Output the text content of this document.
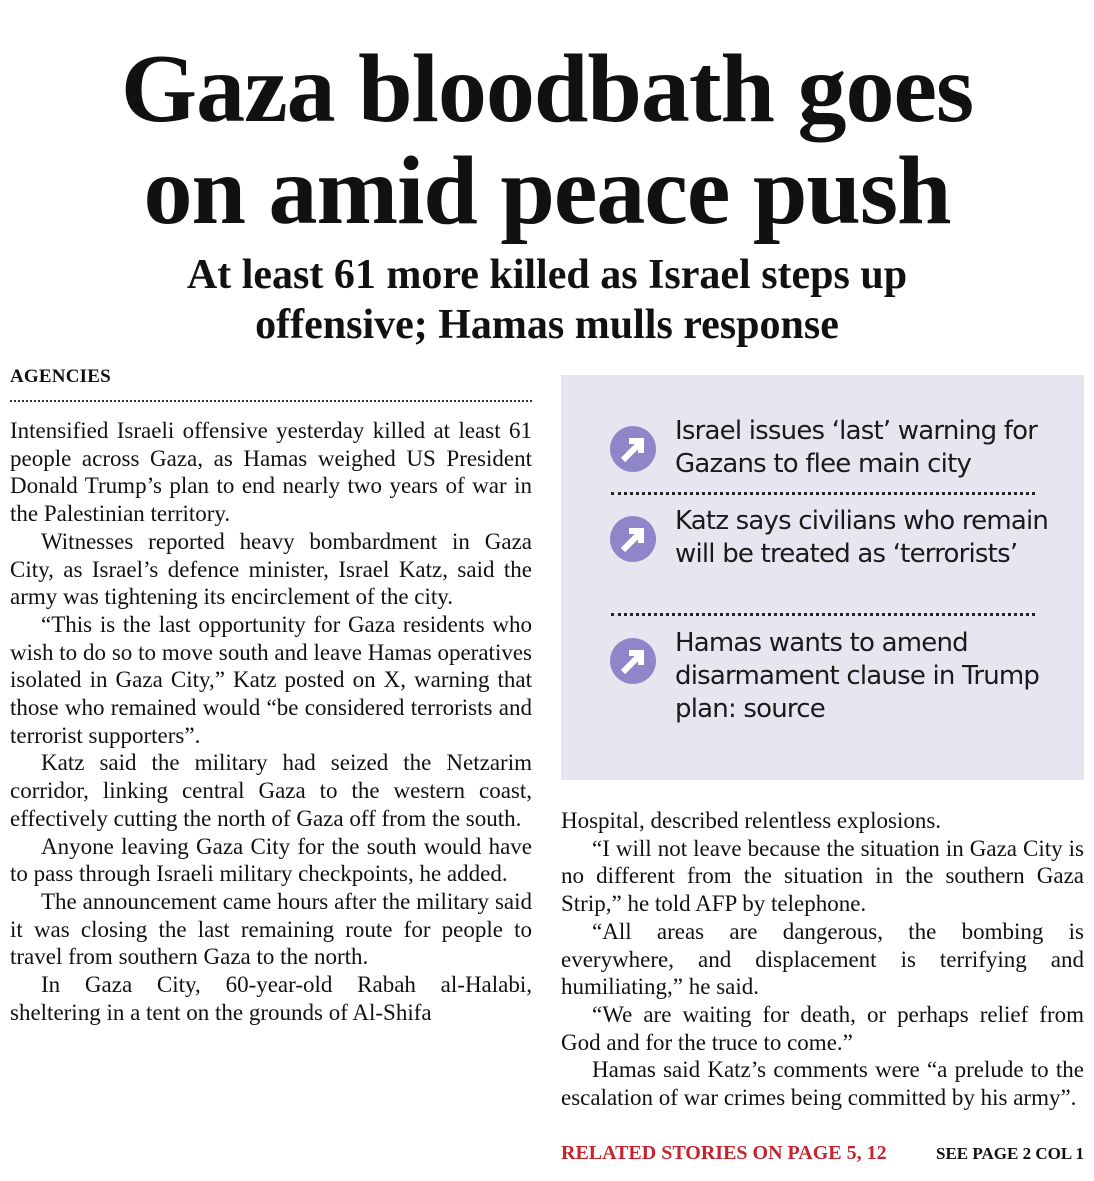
Gaza bloodbath goes
on amid peace push
At least 61 more killed as Israel steps up
offensive; Hamas mulls response
AGENCIES

Intensified Israeli offensive yesterday killed at least 61 people across Gaza, as Hamas weighed US President Donald Trump’s plan to end nearly two years of war in the Palestinian territory.

Witnesses reported heavy bombardment in Gaza City, as Israel’s defence minister, Israel Katz, said the army was tightening its encirclement of the city.

“This is the last opportunity for Gaza residents who wish to do so to move south and leave Hamas operatives isolated in Gaza City,” Katz posted on X, warning that those who remained would “be considered terrorists and terrorist supporters”.

Katz said the military had seized the Netzarim corridor, linking central Gaza to the western coast, effectively cutting the north of Gaza off from the south.

Anyone leaving Gaza City for the south would have to pass through Israeli military checkpoints, he added.

The announcement came hours after the military said it was closing the last remaining route for people to travel from southern Gaza to the north.

In Gaza City, 60-year-old Rabah al-Halabi, sheltering in a tent on the grounds of Al-Shifa

Israel issues ‘last’ warning for Gazans to flee main city
Katz says civilians who remain will be treated as ‘terrorists’
Hamas wants to amend disarmament clause in Trump plan: source

Hospital, described relentless explosions.

“I will not leave because the situation in Gaza City is no different from the situation in the southern Gaza Strip,” he told AFP by telephone.

“All areas are dangerous, the bombing is everywhere, and displacement is terrifying and humiliating,” he said.

“We are waiting for death, or perhaps relief from God and for the truce to come.”

Hamas said Katz’s comments were “a prelude to the escalation of war crimes being committed by his army”.

RELATED STORIES ON PAGE 5, 12	SEE PAGE 2 COL 1
